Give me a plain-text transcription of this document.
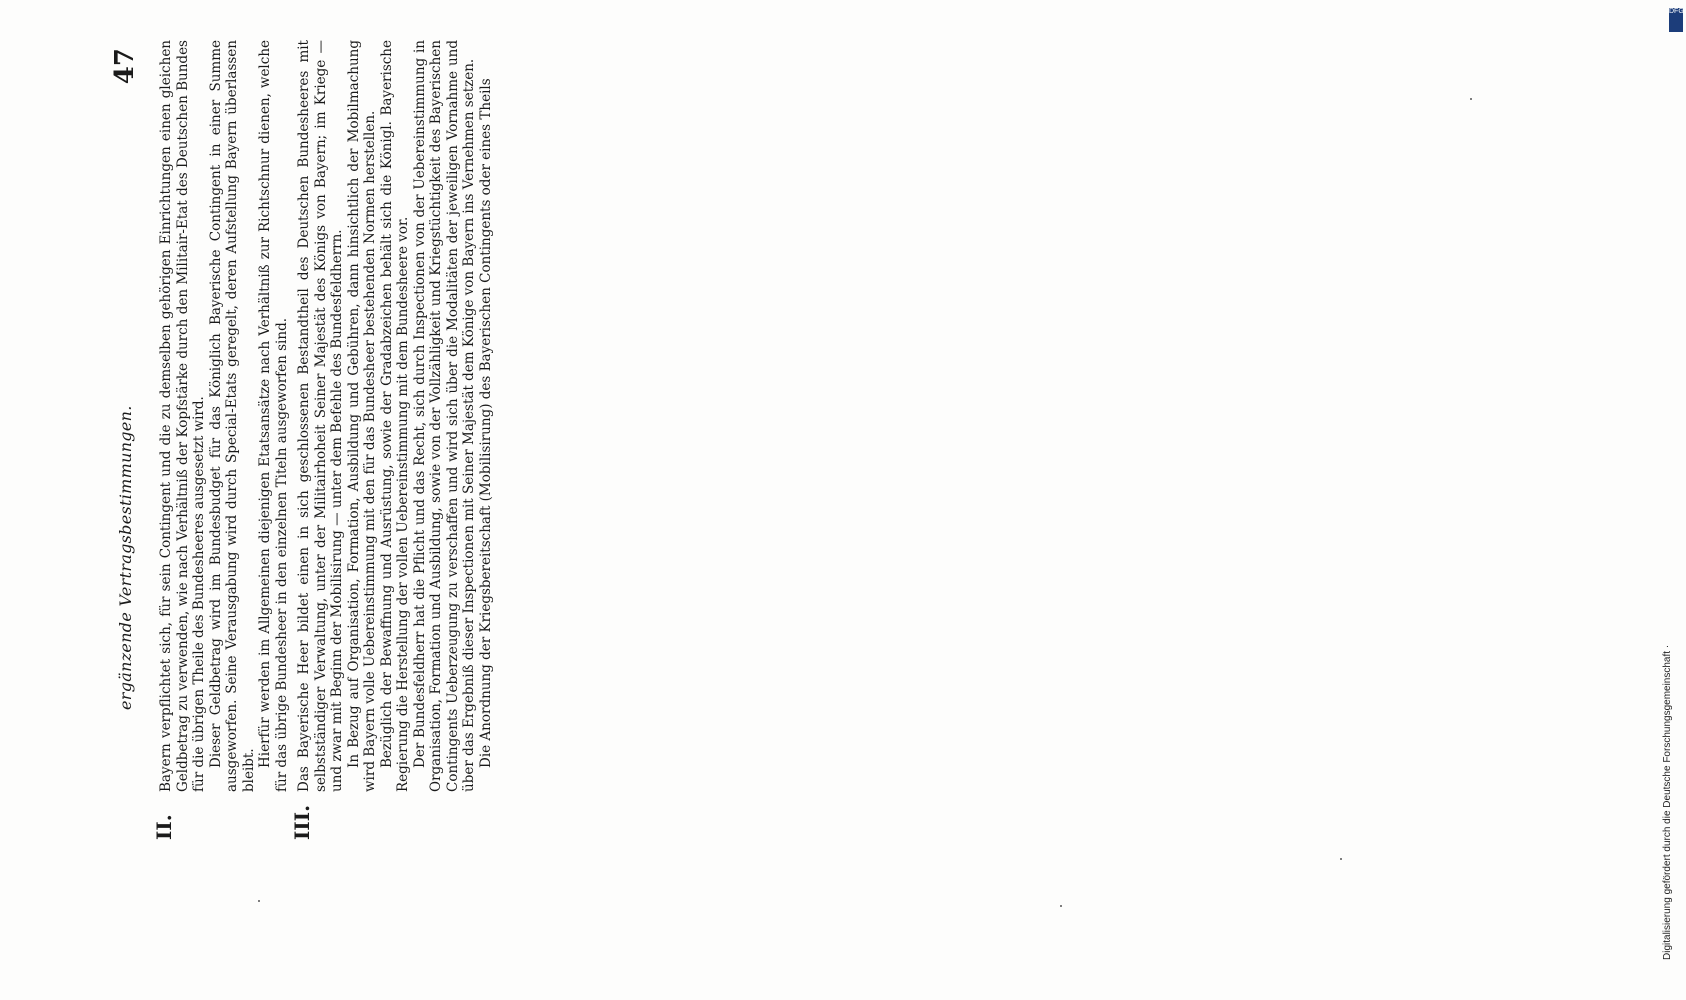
ergänzende Vertragsbestimmungen.
47
II.

Bayern verpflichtet sich, für sein Contingent und die zu demselben gehörigen Einrichtungen einen gleichen Geldbetrag zu verwenden, wie nach Verhältniß der Kopfstärke durch den Militair-Etat des Deutschen Bundes für die übrigen Theile des Bundesheeres ausgesetzt wird. Dieser Geldbetrag wird im Bundesbudget für das Königlich Bayerische Contingent in einer Summe ausgeworfen. Seine Verausgabung wird durch Special-Etats geregelt, deren Aufstellung Bayern überlassen bleibt.

Hierfür werden im Allgemeinen diejenigen Etatsansätze nach Verhältniß zur Richtschnur dienen, welche für das übrige Bundesheer in den einzelnen Titeln ausgeworfen sind.

III.

Das Bayerische Heer bildet einen in sich geschlossenen Bestandtheil des Deutschen Bundesheeres mit selbstständiger Verwaltung, unter der Militairhoheit Seiner Majestät des Königs von Bayern; im Kriege — und zwar mit Beginn der Mobilisirung — unter dem Befehle des Bundesfeldherrn. In Bezug auf Organisation, Formation, Ausbildung und Gebühren, dann hinsichtlich der Mobilmachung wird Bayern volle Uebereinstimmung mit den für das Bundesheer bestehenden Normen herstellen. Bezüglich der Bewaffnung und Ausrüstung, sowie der Gradabzeichen behält sich die Königl. Bayerische Regierung die Herstellung der vollen Uebereinstimmung mit dem Bundesheere vor. Der Bundesfeldherr hat die Pflicht und das Recht, sich durch Inspectionen von der Uebereinstimmung in Organisation, Formation und Ausbildung, sowie von der Vollzähligkeit und Kriegstüchtigkeit des Bayerischen Contingents Ueberzeugung zu verschaffen und wird sich über die Modalitäten der jeweiligen Vornahme und über das Ergebniß dieser Inspectionen mit Seiner Majestät dem Könige von Bayern ins Vernehmen setzen. Die Anordnung der Kriegsbereitschaft (Mobilisirung) des Bayerischen Contingents oder eines Theils

DFG
Digitalisierung gefördert durch die Deutsche Forschungsgemeinschaft ·
